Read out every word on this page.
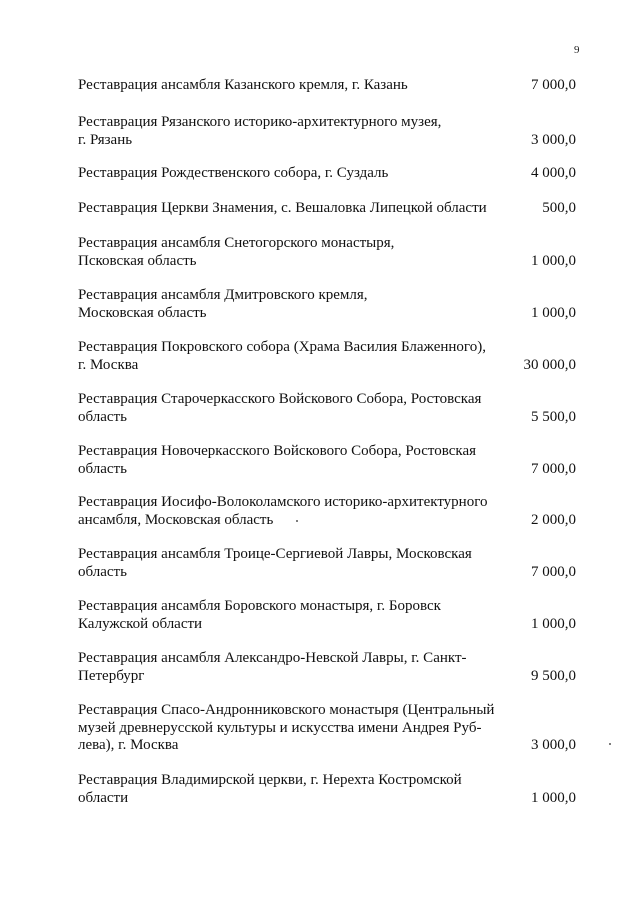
9
Реставрация ансамбля Казанского кремля, г. Казань	7 000,0
Реставрация Рязанского историко-архитектурного музея,
г. Рязань	3 000,0
Реставрация Рождественского собора, г. Суздаль	4 000,0
Реставрация Церкви Знамения, с. Вешаловка Липецкой области	500,0
Реставрация ансамбля Снетогорского монастыря,
Псковская область	1 000,0
Реставрация ансамбля Дмитровского кремля,
Московская область	1 000,0
Реставрация Покровского собора (Храма Василия Блаженного),
г. Москва	30 000,0
Реставрация Старочеркасского Войскового Собора, Ростовская
область	5 500,0
Реставрация Новочеркасского Войскового Собора, Ростовская
область	7 000,0
Реставрация Иосифо-Волоколамского историко-архитектурного
ансамбля, Московская область	2 000,0
Реставрация ансамбля Троице-Сергиевой Лавры, Московская
область	7 000,0
Реставрация ансамбля Боровского монастыря, г. Боровск
Калужской области	1 000,0
Реставрация ансамбля Александро-Невской Лавры, г. Санкт-
Петербург	9 500,0
Реставрация Спасо-Андронниковского монастыря (Центральный
музей древнерусской культуры и искусства имени Андрея Руб-
лева), г. Москва	3 000,0
Реставрация Владимирской церкви, г. Нерехта Костромской
области	1 000,0
